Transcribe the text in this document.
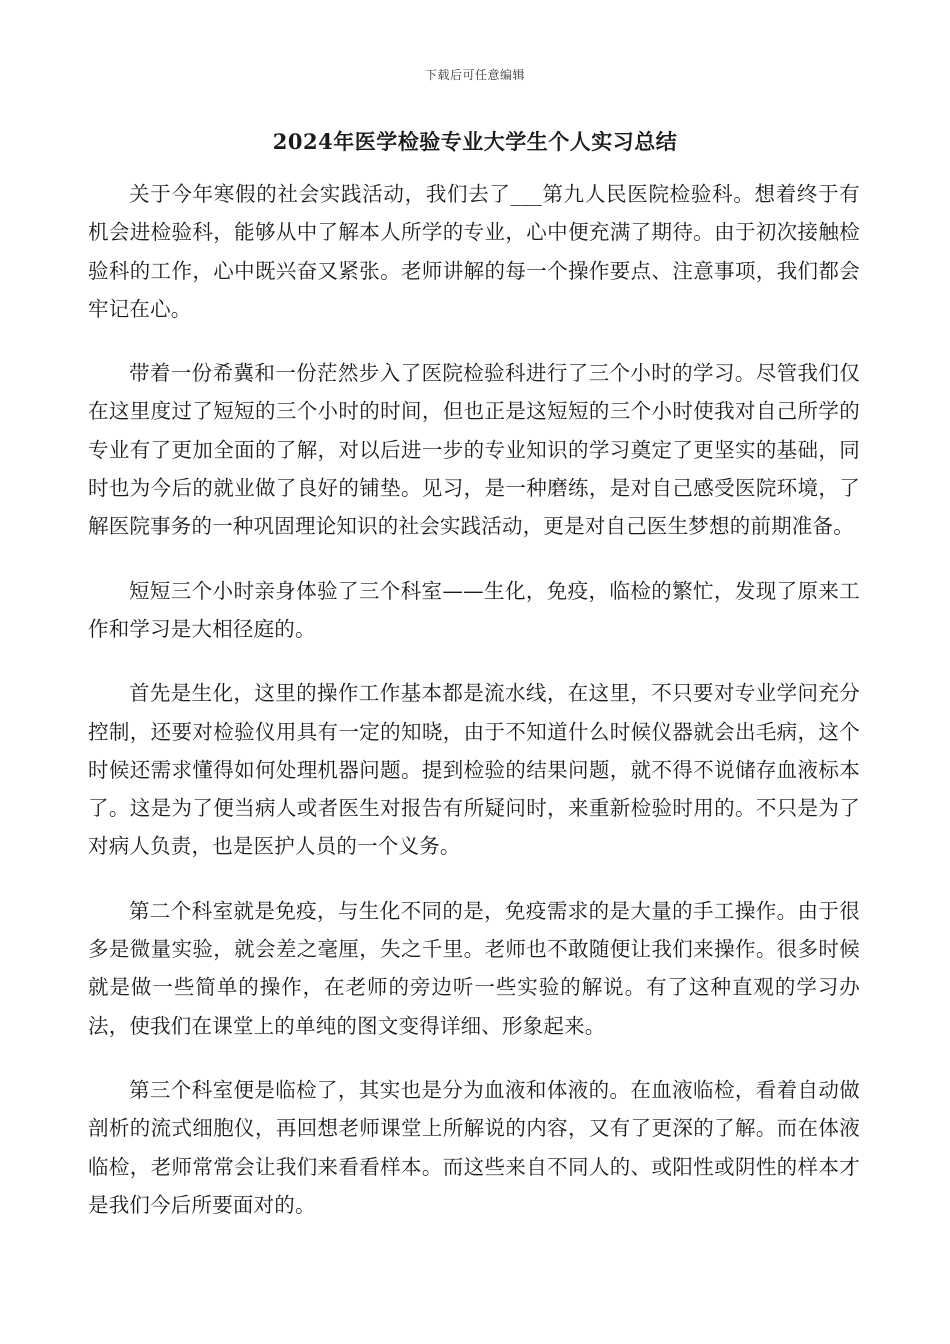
下载后可任意编辑
2024年医学检验专业大学生个人实习总结

关于今年寒假的社会实践活动，我们去了___第九人民医院检验科。想着终于有机会进检验科，能够从中了解本人所学的专业，心中便充满了期待。由于初次接触检验科的工作，心中既兴奋又紧张。老师讲解的每一个操作要点、注意事项，我们都会牢记在心。

带着一份希冀和一份茫然步入了医院检验科进行了三个小时的学习。尽管我们仅在这里度过了短短的三个小时的时间，但也正是这短短的三个小时使我对自己所学的专业有了更加全面的了解，对以后进一步的专业知识的学习奠定了更坚实的基础，同时也为今后的就业做了良好的铺垫。见习，是一种磨练，是对自己感受医院环境，了解医院事务的一种巩固理论知识的社会实践活动，更是对自己医生梦想的前期准备。

短短三个小时亲身体验了三个科室——生化，免疫，临检的繁忙，发现了原来工作和学习是大相径庭的。

首先是生化，这里的操作工作基本都是流水线，在这里，不只要对专业学问充分控制，还要对检验仪用具有一定的知晓，由于不知道什么时候仪器就会出毛病，这个时候还需求懂得如何处理机器问题。提到检验的结果问题，就不得不说储存血液标本了。这是为了便当病人或者医生对报告有所疑问时，来重新检验时用的。不只是为了对病人负责，也是医护人员的一个义务。

第二个科室就是免疫，与生化不同的是，免疫需求的是大量的手工操作。由于很多是微量实验，就会差之毫厘，失之千里。老师也不敢随便让我们来操作。很多时候就是做一些简单的操作，在老师的旁边听一些实验的解说。有了这种直观的学习办法，使我们在课堂上的单纯的图文变得详细、形象起来。

第三个科室便是临检了，其实也是分为血液和体液的。在血液临检，看着自动做剖析的流式细胞仪，再回想老师课堂上所解说的内容，又有了更深的了解。而在体液临检，老师常常会让我们来看看样本。而这些来自不同人的、或阳性或阴性的样本才是我们今后所要面对的。
